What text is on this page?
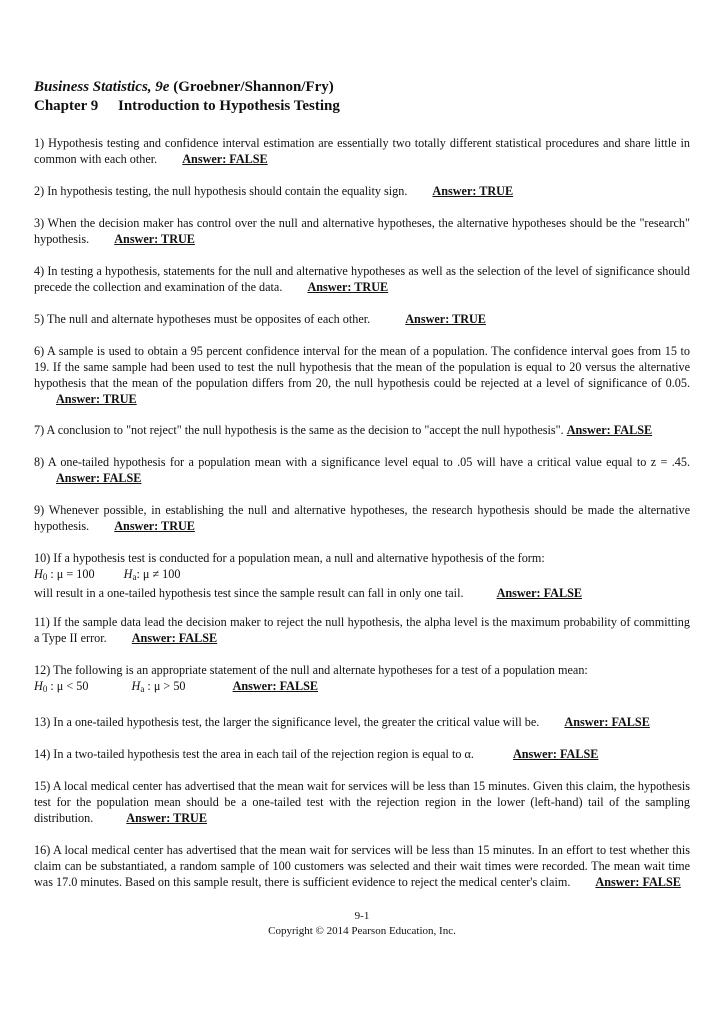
Business Statistics, 9e (Groebner/Shannon/Fry)
Chapter 9	Introduction to Hypothesis Testing
1) Hypothesis testing and confidence interval estimation are essentially two totally different statistical procedures and share little in common with each other. Answer: FALSE
2) In hypothesis testing, the null hypothesis should contain the equality sign. Answer: TRUE
3) When the decision maker has control over the null and alternative hypotheses, the alternative hypotheses should be the "research" hypothesis. Answer: TRUE
4) In testing a hypothesis, statements for the null and alternative hypotheses as well as the selection of the level of significance should precede the collection and examination of the data. Answer: TRUE
5) The null and alternate hypotheses must be opposites of each other.	Answer: TRUE
6) A sample is used to obtain a 95 percent confidence interval for the mean of a population. The confidence interval goes from 15 to 19. If the same sample had been used to test the null hypothesis that the mean of the population is equal to 20 versus the alternative hypothesis that the mean of the population differs from 20, the null hypothesis could be rejected at a level of significance of 0.05. Answer: TRUE
7) A conclusion to "not reject" the null hypothesis is the same as the decision to "accept the null hypothesis". Answer: FALSE
8) A one-tailed hypothesis for a population mean with a significance level equal to .05 will have a critical value equal to z = .45. Answer: FALSE
9) Whenever possible, in establishing the null and alternative hypotheses, the research hypothesis should be made the alternative hypothesis. Answer: TRUE
10) If a hypothesis test is conducted for a population mean, a null and alternative hypothesis of the form:
$H_0$ : μ = 100 $H_a$: μ ≠ 100
will result in a one-tailed hypothesis test since the sample result can fall in only one tail.	Answer: FALSE
11) If the sample data lead the decision maker to reject the null hypothesis, the alpha level is the maximum probability of committing a Type II error. Answer: FALSE
12) The following is an appropriate statement of the null and alternate hypotheses for a test of a population mean:
$H_0$ : μ < 50	$H_a$ : μ > 50	Answer: FALSE
13) In a one-tailed hypothesis test, the larger the significance level, the greater the critical value will be. Answer: FALSE
14) In a two-tailed hypothesis test the area in each tail of the rejection region is equal to α.	Answer: FALSE
15) A local medical center has advertised that the mean wait for services will be less than 15 minutes. Given this claim, the hypothesis test for the population mean should be a one-tailed test with the rejection region in the lower (left-hand) tail of the sampling distribution.	Answer: TRUE
16) A local medical center has advertised that the mean wait for services will be less than 15 minutes. In an effort to test whether this claim can be substantiated, a random sample of 100 customers was selected and their wait times were recorded. The mean wait time was 17.0 minutes. Based on this sample result, there is sufficient evidence to reject the medical center's claim. Answer: FALSE
9-1
Copyright © 2014 Pearson Education, Inc.
